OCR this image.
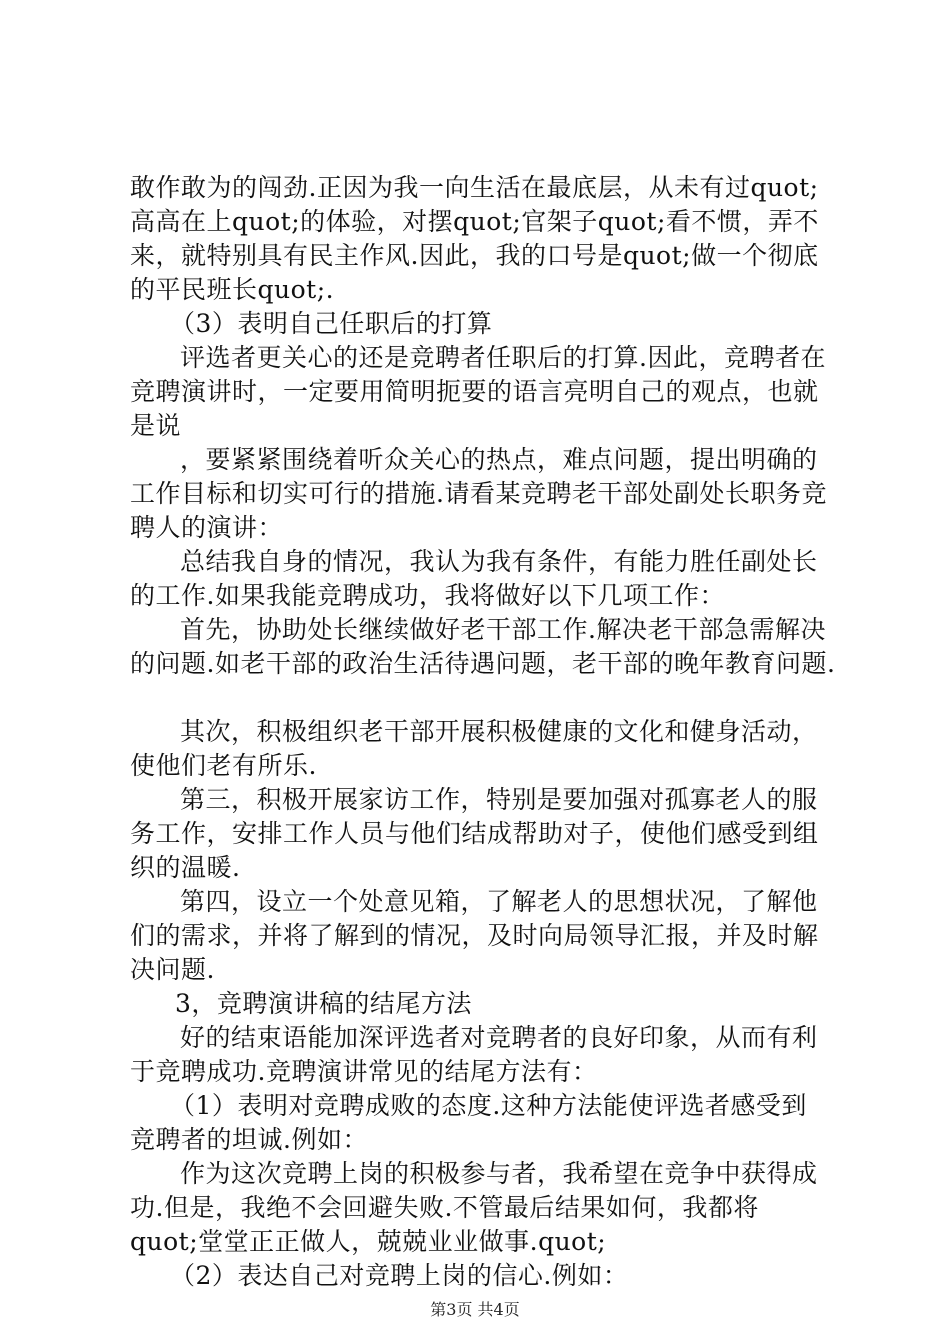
敢作敢为的闯劲.正因为我一向生活在最底层，从未有过quot;
高高在上quot;的体验，对摆quot;官架子quot;看不惯，弄不
来，就特别具有民主作风.因此，我的口号是quot;做一个彻底
的平民班长quot;.
（3）表明自己任职后的打算
评选者更关心的还是竞聘者任职后的打算.因此，竞聘者在
竞聘演讲时，一定要用简明扼要的语言亮明自己的观点，也就
是说
，要紧紧围绕着听众关心的热点，难点问题，提出明确的
工作目标和切实可行的措施.请看某竞聘老干部处副处长职务竞
聘人的演讲：
总结我自身的情况，我认为我有条件，有能力胜任副处长
的工作.如果我能竞聘成功，我将做好以下几项工作：
首先，协助处长继续做好老干部工作.解决老干部急需解决
的问题.如老干部的政治生活待遇问题，老干部的晚年教育问题.
其次，积极组织老干部开展积极健康的文化和健身活动，
使他们老有所乐.
第三，积极开展家访工作，特别是要加强对孤寡老人的服
务工作，安排工作人员与他们结成帮助对子，使他们感受到组
织的温暖.
第四，设立一个处意见箱，了解老人的思想状况，了解他
们的需求，并将了解到的情况，及时向局领导汇报，并及时解
决问题.
3，竞聘演讲稿的结尾方法
好的结束语能加深评选者对竞聘者的良好印象，从而有利
于竞聘成功.竞聘演讲常见的结尾方法有：
（1）表明对竞聘成败的态度.这种方法能使评选者感受到
竞聘者的坦诚.例如：
作为这次竞聘上岗的积极参与者，我希望在竞争中获得成
功.但是，我绝不会回避失败.不管最后结果如何，我都将
quot;堂堂正正做人，兢兢业业做事.quot;
（2）表达自己对竞聘上岗的信心.例如：
第3页 共4页
